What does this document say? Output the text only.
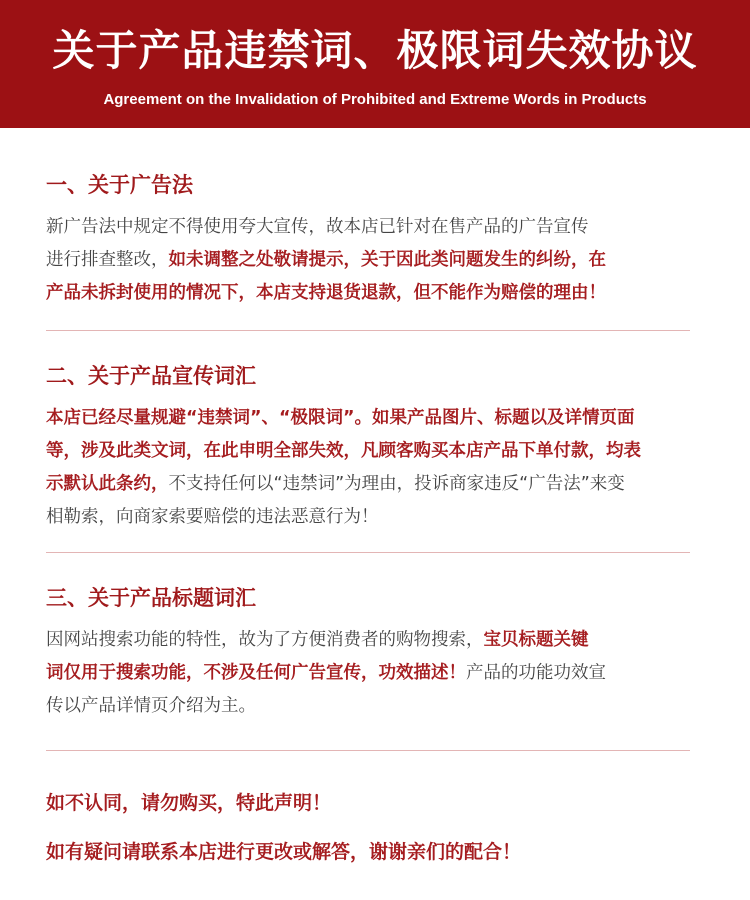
关于产品违禁词、极限词失效协议
Agreement on the Invalidation of Prohibited and Extreme Words in Products
一、关于广告法
新广告法中规定不得使用夸大宣传，故本店已针对在售产品的广告宣传
进行排查整改，如未调整之处敬请提示，关于因此类问题发生的纠纷，在
产品未拆封使用的情况下，本店支持退货退款，但不能作为赔偿的理由！
二、关于产品宣传词汇
本店已经尽量规避“违禁词”、“极限词”。如果产品图片、标题以及详情页面
等，涉及此类文词，在此申明全部失效，凡顾客购买本店产品下单付款，均表
示默认此条约，不支持任何以“违禁词”为理由，投诉商家违反“广告法”来变
相勒索，向商家索要赔偿的违法恶意行为！
三、关于产品标题词汇
因网站搜索功能的特性，故为了方便消费者的购物搜索，宝贝标题关键
词仅用于搜索功能，不涉及任何广告宣传，功效描述！产品的功能功效宣
传以产品详情页介绍为主。
如不认同，请勿购买，特此声明！
如有疑问请联系本店进行更改或解答，谢谢亲们的配合！
